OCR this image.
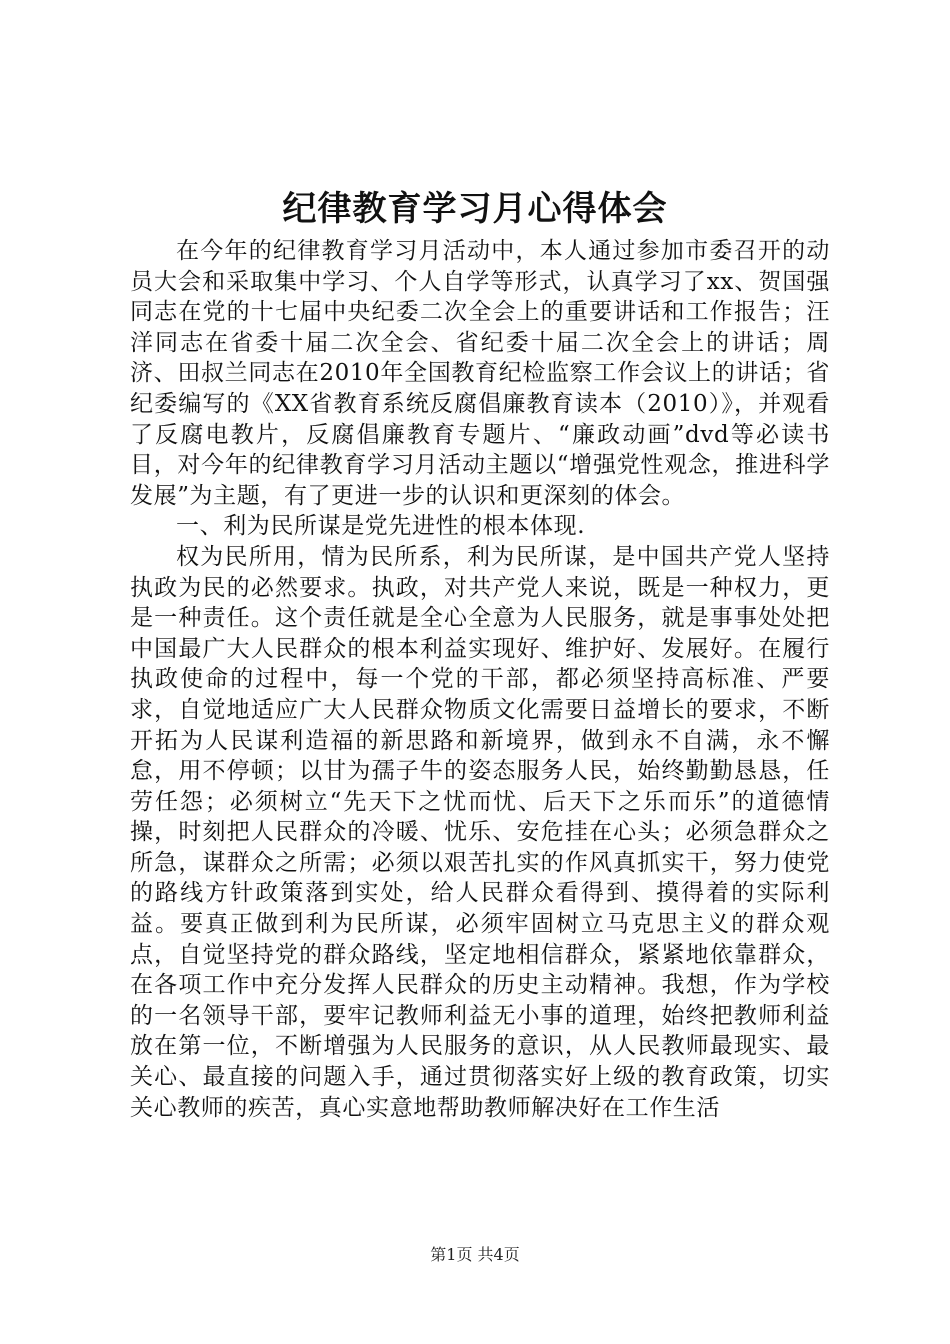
纪律教育学习月心得体会

在今年的纪律教育学习月活动中，本人通过参加市委召开的动员大会和采取集中学习、个人自学等形式，认真学习了xx、贺国强同志在党的十七届中央纪委二次全会上的重要讲话和工作报告；汪洋同志在省委十届二次全会、省纪委十届二次全会上的讲话；周济、田叔兰同志在2010年全国教育纪检监察工作会议上的讲话；省纪委编写的《XX省教育系统反腐倡廉教育读本（2010）》，并观看了反腐电教片，反腐倡廉教育专题片、“廉政动画”dvd等必读书目，对今年的纪律教育学习月活动主题以“增强党性观念，推进科学发展”为主题，有了更进一步的认识和更深刻的体会。

一、利为民所谋是党先进性的根本体现.

权为民所用，情为民所系，利为民所谋，是中国共产党人坚持执政为民的必然要求。执政，对共产党人来说，既是一种权力，更是一种责任。这个责任就是全心全意为人民服务，就是事事处处把中国最广大人民群众的根本利益实现好、维护好、发展好。在履行执政使命的过程中，每一个党的干部，都必须坚持高标准、严要求，自觉地适应广大人民群众物质文化需要日益增长的要求，不断开拓为人民谋利造福的新思路和新境界，做到永不自满，永不懈怠，用不停顿；以甘为孺子牛的姿态服务人民，始终勤勤恳恳，任劳任怨；必须树立“先天下之忧而忧、后天下之乐而乐”的道德情操，时刻把人民群众的冷暖、忧乐、安危挂在心头；必须急群众之所急，谋群众之所需；必须以艰苦扎实的作风真抓实干，努力使党的路线方针政策落到实处，给人民群众看得到、摸得着的实际利益。要真正做到利为民所谋，必须牢固树立马克思主义的群众观点，自觉坚持党的群众路线，坚定地相信群众，紧紧地依靠群众，在各项工作中充分发挥人民群众的历史主动精神。我想，作为学校的一名领导干部，要牢记教师利益无小事的道理，始终把教师利益放在第一位，不断增强为人民服务的意识，从人民教师最现实、最关心、最直接的问题入手，通过贯彻落实好上级的教育政策，切实关心教师的疾苦，真心实意地帮助教师解决好在工作生活

第1页 共4页
